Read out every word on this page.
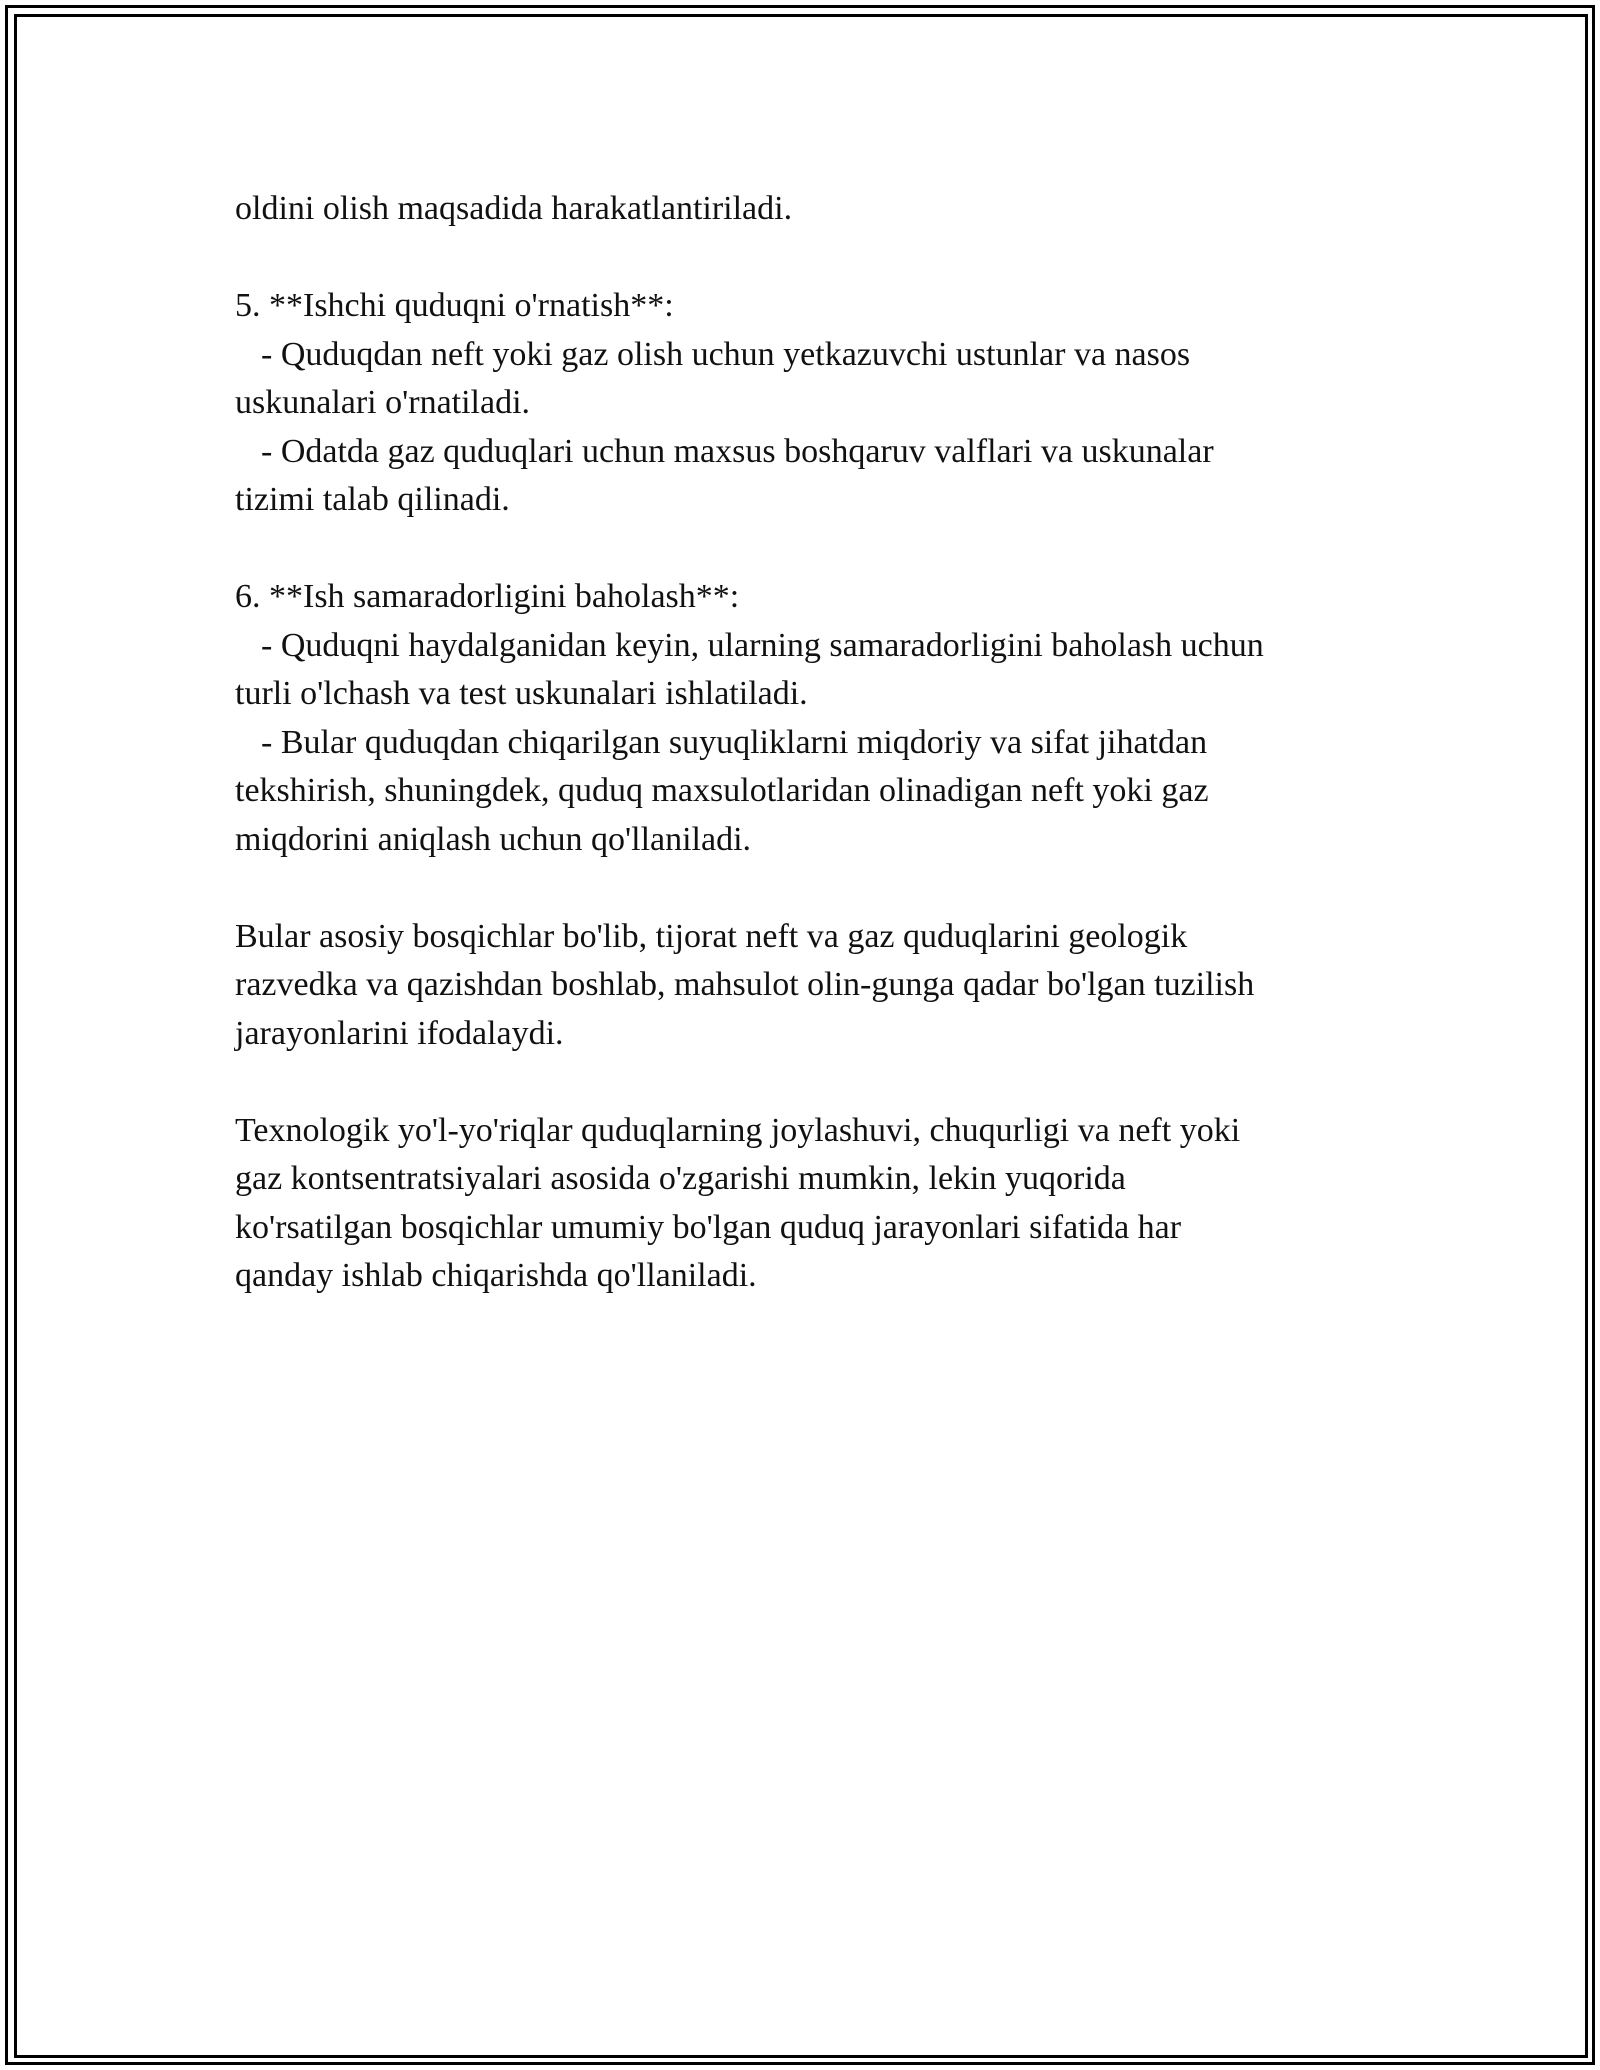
oldini olish maqsadida harakatlantiriladi.

5. **Ishchi quduqni o'rnatish**:
- Quduqdan neft yoki gaz olish uchun yetkazuvchi ustunlar va nasos
uskunalari o'rnatiladi.
- Odatda gaz quduqlari uchun maxsus boshqaruv valflari va uskunalar
tizimi talab qilinadi.

6. **Ish samaradorligini baholash**:
- Quduqni haydalganidan keyin, ularning samaradorligini baholash uchun
turli o'lchash va test uskunalari ishlatiladi.
- Bular quduqdan chiqarilgan suyuqliklarni miqdoriy va sifat jihatdan
tekshirish, shuningdek, quduq maxsulotlaridan olinadigan neft yoki gaz
miqdorini aniqlash uchun qo'llaniladi.

Bular asosiy bosqichlar bo'lib, tijorat neft va gaz quduqlarini geologik
razvedka va qazishdan boshlab, mahsulot olin-gunga qadar bo'lgan tuzilish
jarayonlarini ifodalaydi.

Texnologik yo'l-yo'riqlar quduqlarning joylashuvi, chuqurligi va neft yoki
gaz kontsentratsiyalari asosida o'zgarishi mumkin, lekin yuqorida
ko'rsatilgan bosqichlar umumiy bo'lgan quduq jarayonlari sifatida har
qanday ishlab chiqarishda qo'llaniladi.
